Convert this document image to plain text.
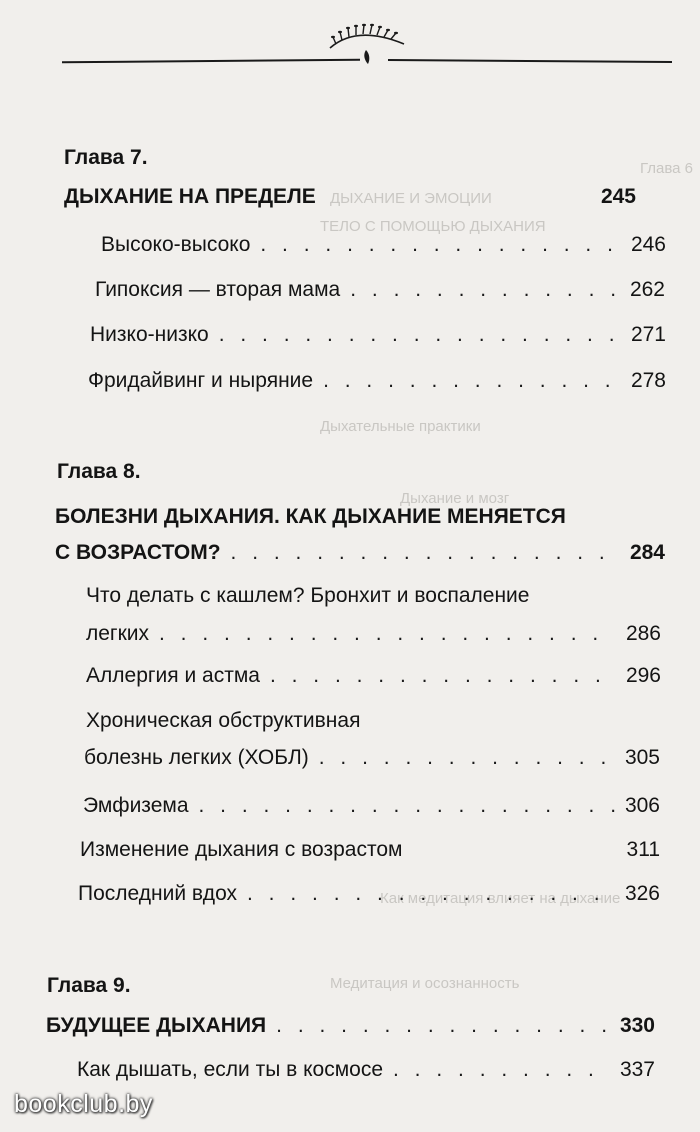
Глава 6
ДЫХАНИЕ И ЭМОЦИИ
ТЕЛО С ПОМОЩЬЮ ДЫХАНИЯ
Дыхательные практики
Дыхание и мозг
Как медитация влияет на дыхание
Медитация и осознанность
Глава 7.
ДЫХАНИЕ НА ПРЕДЕЛЕ	245
Высоко-высоко . . .	246
Гипоксия — вторая мама . . .	262
Низко-низко . . .	271
Фридайвинг и ныряние . . .	278
Глава 8.
БОЛЕЗНИ ДЫХАНИЯ. КАК ДЫХАНИЕ МЕНЯЕТСЯ
С ВОЗРАСТОМ? . . .	284
Что делать с кашлем? Бронхит и воспаление
легких . . .	286
Аллергия и астма . . .	296
Хроническая обструктивная
болезнь легких (ХОБЛ) . . .	305
Эмфизема . . .	306
Изменение дыхания с возрастом	311
Последний вдох . . .	326
Глава 9.
БУДУЩЕЕ ДЫХАНИЯ . . .	330
Как дышать, если ты в космосе . . .	337
bookclub.by
